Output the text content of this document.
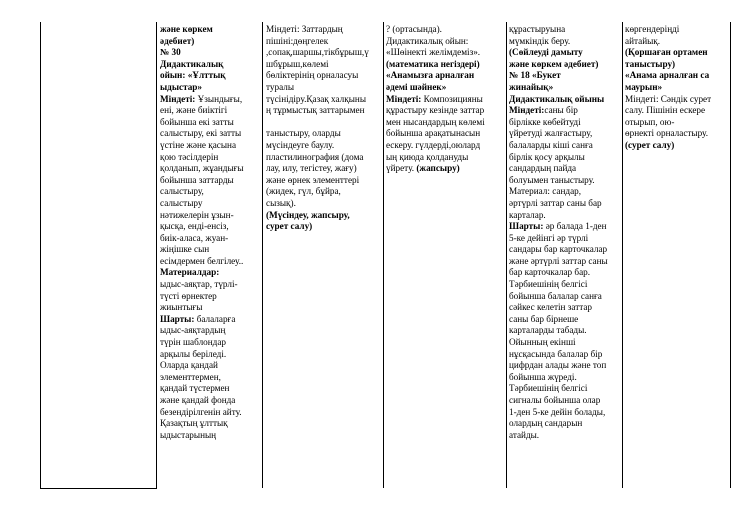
және көркем
әдебиет)

№ 30
Дидактикалық
ойын: «Ұлттық
ыдыстар»

Міндеті: Ұзындығы,
ені, және биіктігі
бойынша екі затты
салыстыру, екі затты
үстіне және қасына
қою тәсілдерін
қолданып, жұандығы
бойынша заттарды
салыстыру,
салыстыру
нәтижелерін ұзын-
қысқа, енді-енсіз,
биік-аласа, жуан-
жіңішке сын
есімдермен белгілеу..

Материалдар:

ыдыс-аяқтар, түрлі-
түсті өрнектер
жиынтығы

Шарты: балаларға
ыдыс-аяқтардың
түрін шаблондар
арқылы беріледі.
Оларда қандай
элементтермен,
қандай түстермен
және қандай фонда
безендірілгенін айту.
Қазақтың ұлттық
ыдыстарының

Міндеті: Заттардың
пішіні:дөңгелек
,сопақ,шаршы,тікбұрыш,ү
шбұрыш,көлемі
бөліктерінің орналасуы
туралы
түсінідіру.Қазақ халқыны
ң тұрмыстық заттарымен

таныстыру, оларды
мүсіндеуге баулу.
пластилинография (дома
лау, илу, тегістеу, жағу)
және өрнек элементтері
(жидек, гүл, бұйра,
сызық).

(Мүсіндеу, жапсыру,
сурет салу)

? (ортасында).
Дидактикалық ойын:
«Шөінекті желімдеміз».

(математика негіздері)

«Анамызға арналған
әдемі шәйнек»
Міндеті: Композицияны
құрастыру кезінде заттар
мен нысандардың көлемі
бойынша арақатынасын
ескеру. гүлдерді,оюлард
ың қиюда қолдануды
үйрету. (жапсыру)

құрастыруына
мүмкіндік беру.

(Сөйлеуді дамыту
және көркем әдебиет)
№ 18 «Букет
жинайық»
Дидактикалық ойыны
Міндеті:саны бір
бірлікке көбейтуді
үйретуді жалғастыру,
балаларды кіші санға
бірлік қосу арқылы
сандардың пайда
болуымен таныстыру.
Материал: сандар,
әртүрлі заттар саны бар
карталар.

Шарты: әр балада 1-ден
5-ке дейінгі әр түрлі
сандары бар карточкалар
және әртүрлі заттар саны
бар карточкалар бар.
Тәрбиешінің белгісі
бойынша балалар санға
сәйкес келетін заттар
саны бар бірнеше
карталарды табады.
Ойынның екінші
нұсқасында балалар бір
цифрдан алады және топ
бойынша жүреді.
Тәрбиешінің белгісі
сигналы бойынша олар
1-ден 5-ке дейін болады,
олардың сандарын
атайды.

көргендеріңді
айтайық.

(Қоршаған ортамен
таныстыру)
«Анама арналған са
маурын»

Міндеті: Сәндік сурет
салу. Пішінін ескере
отырып, ою-
өрнекті орналастыру.

(сурет салу)
